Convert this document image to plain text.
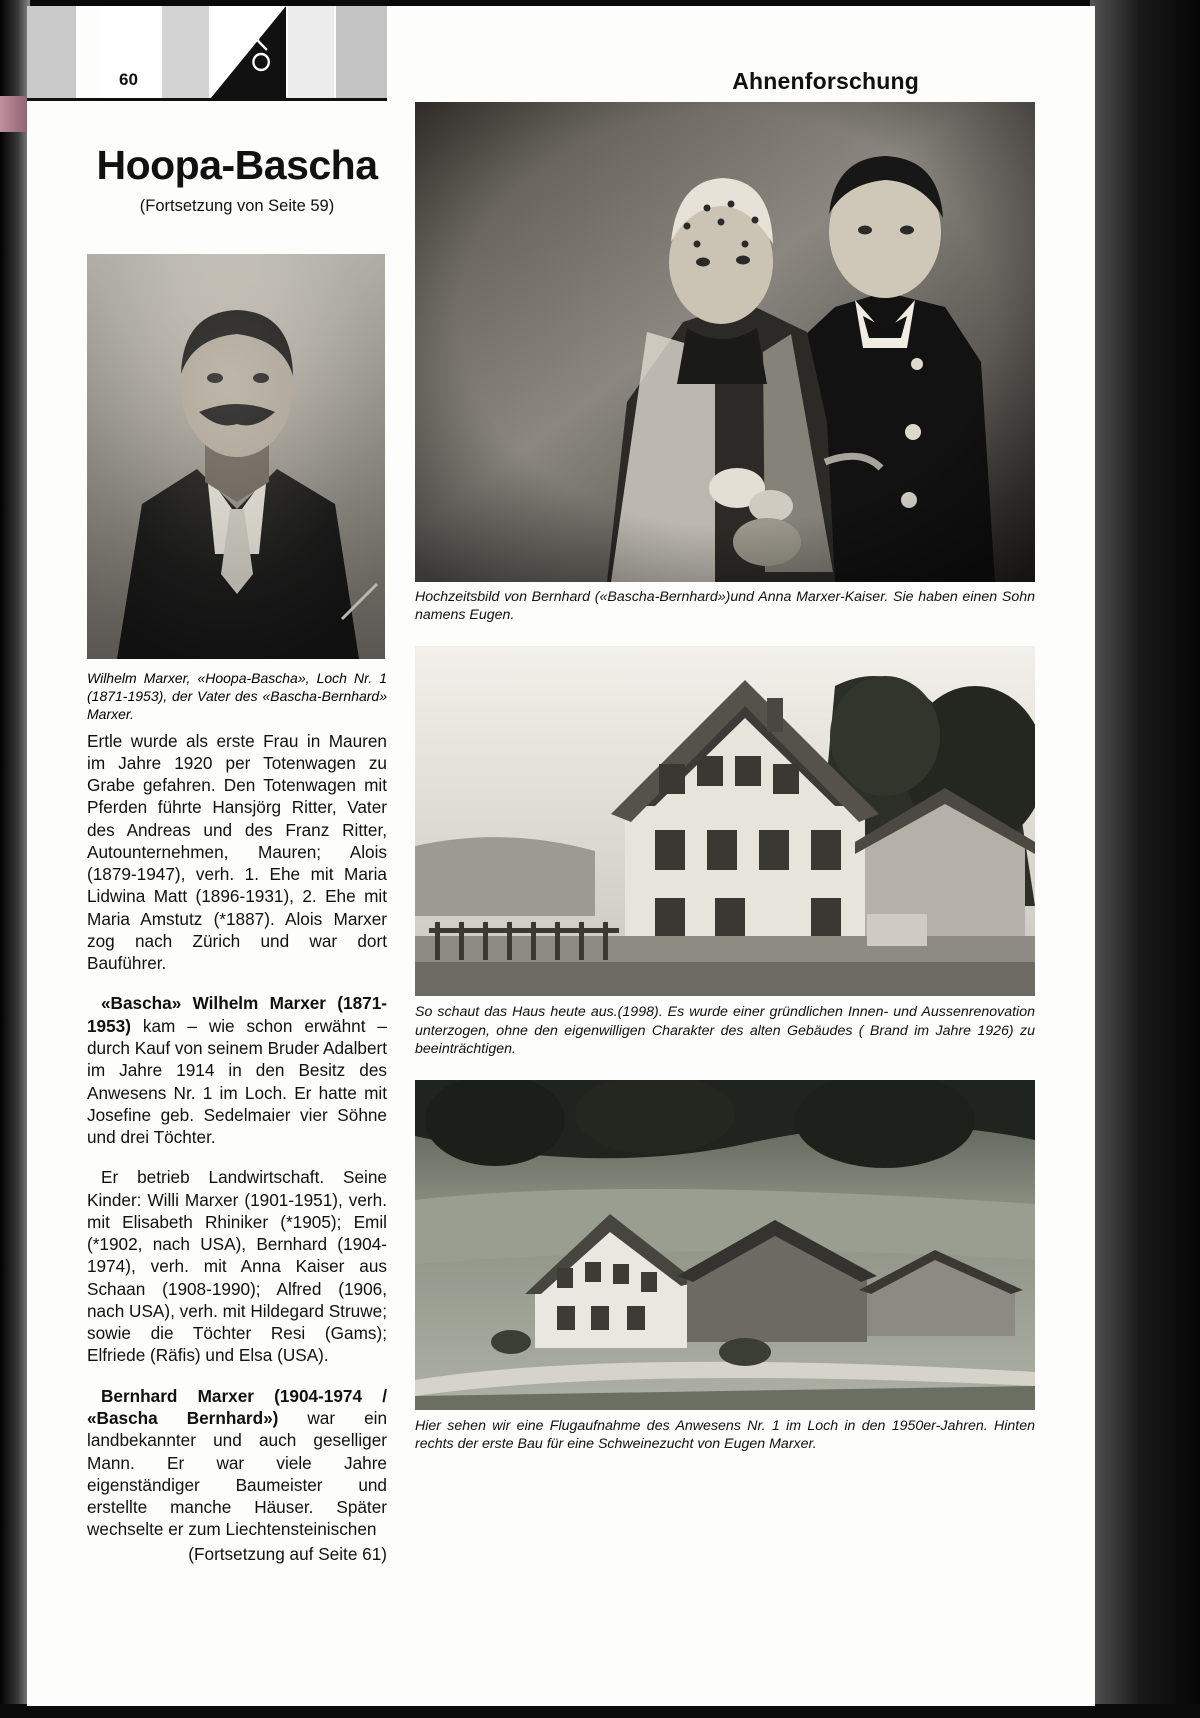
60	Ahnenforschung
Hoopa-Bascha
(Fortsetzung von Seite 59)
Wilhelm Marxer, «Hoopa-Bascha», Loch Nr. 1 (1871-1953), der Vater des «Bascha-Bernhard» Marxer.

Ertle wurde als erste Frau in Mauren im Jahre 1920 per Totenwagen zu Grabe gefahren. Den Totenwagen mit Pferden führte Hansjörg Ritter, Vater des Andreas und des Franz Ritter, Autounternehmen, Mauren; Alois (1879-1947), verh. 1. Ehe mit Maria Lidwina Matt (1896-1931), 2. Ehe mit Maria Amstutz (*1887). Alois Marxer zog nach Zürich und war dort Bauführer.

«Bascha» Wilhelm Marxer (1871-1953) kam – wie schon erwähnt – durch Kauf von seinem Bruder Adalbert im Jahre 1914 in den Besitz des Anwesens Nr. 1 im Loch. Er hatte mit Josefine geb. Sedelmaier vier Söhne und drei Töchter.

Er betrieb Landwirtschaft. Seine Kinder: Willi Marxer (1901-1951), verh. mit Elisabeth Rhiniker (*1905); Emil (*1902, nach USA), Bernhard (1904-1974), verh. mit Anna Kaiser aus Schaan (1908-1990); Alfred (1906, nach USA), verh. mit Hildegard Struwe; sowie die Töchter Resi (Gams); Elfriede (Räfis) und Elsa (USA).

Bernhard Marxer (1904-1974 / «Bascha Bernhard») war ein landbekannter und auch geselliger Mann. Er war viele Jahre eigenständiger Baumeister und erstellte manche Häuser. Später wechselte er zum Liechtensteinischen

(Fortsetzung auf Seite 61)

Hochzeitsbild von Bernhard («Bascha-Bernhard»)und Anna Marxer-Kaiser. Sie haben einen Sohn namens Eugen.
So schaut das Haus heute aus.(1998). Es wurde einer gründlichen Innen- und Aussenrenovation unterzogen, ohne den eigenwilligen Charakter des alten Gebäudes ( Brand im Jahre 1926) zu beeinträchtigen.
Hier sehen wir eine Flugaufnahme des Anwesens Nr. 1 im Loch in den 1950er-Jahren. Hinten rechts der erste Bau für eine Schweinezucht von Eugen Marxer.
